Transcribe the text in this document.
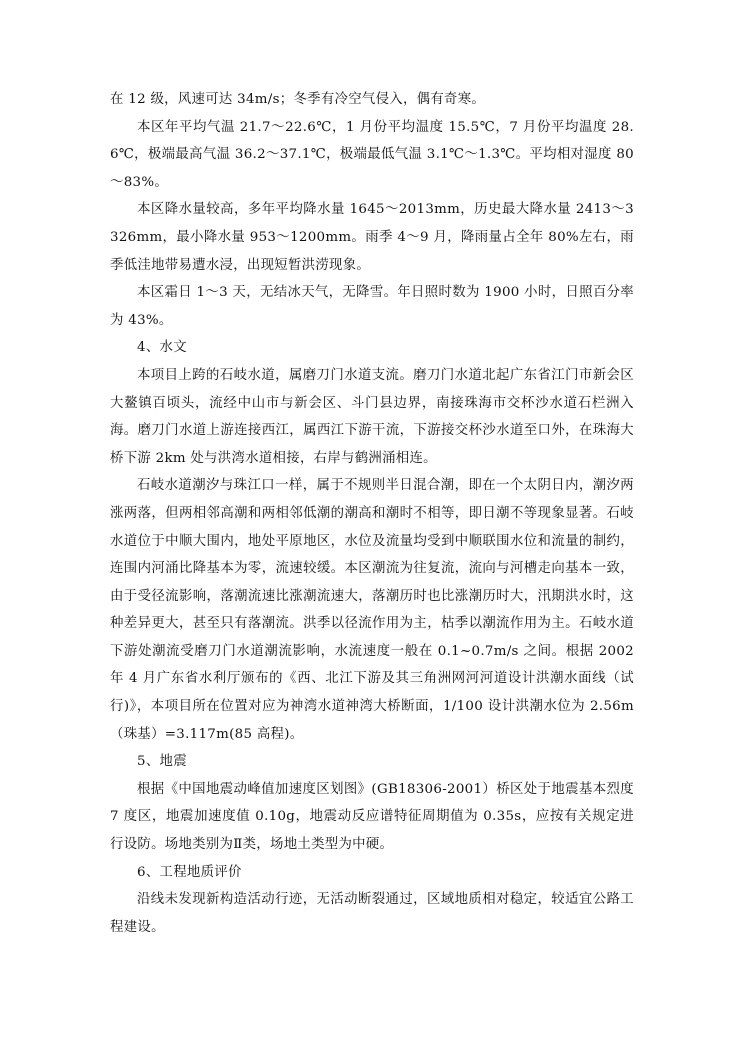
在 12 级，风速可达 34m/s；冬季有冷空气侵入，偶有奇寒。

本区年平均气温 21.7～22.6℃，1 月份平均温度 15.5℃，7 月份平均温度 28.6℃，极端最高气温 36.2～37.1℃，极端最低气温 3.1℃～1.3℃。平均相对湿度 80～83%。

本区降水量较高，多年平均降水量 1645～2013mm，历史最大降水量 2413～3326mm，最小降水量 953～1200mm。雨季 4～9 月，降雨量占全年 80%左右，雨季低洼地带易遭水浸，出现短暂洪涝现象。

本区霜日 1～3 天，无结冰天气，无降雪。年日照时数为 1900 小时，日照百分率为 43%。

4、水文

本项目上跨的石岐水道，属磨刀门水道支流。磨刀门水道北起广东省江门市新会区大鳌镇百顷头，流经中山市与新会区、斗门县边界，南接珠海市交杯沙水道石栏洲入海。磨刀门水道上游连接西江，属西江下游干流，下游接交杯沙水道至口外，在珠海大桥下游 2km 处与洪湾水道相接，右岸与鹤洲涌相连。

石岐水道潮汐与珠江口一样，属于不规则半日混合潮，即在一个太阴日内，潮汐两涨两落，但两相邻高潮和两相邻低潮的潮高和潮时不相等，即日潮不等现象显著。石岐水道位于中顺大围内，地处平原地区，水位及流量均受到中顺联围水位和流量的制约，连围内河涌比降基本为零，流速较缓。本区潮流为往复流，流向与河槽走向基本一致，由于受径流影响，落潮流速比涨潮流速大，落潮历时也比涨潮历时大，汛期洪水时，这种差异更大，甚至只有落潮流。洪季以径流作用为主，枯季以潮流作用为主。石岐水道下游处潮流受磨刀门水道潮流影响，水流速度一般在 0.1~0.7m/s 之间。根据 2002 年 4 月广东省水利厅颁布的《西、北江下游及其三角洲网河河道设计洪潮水面线（试行)》，本项目所在位置对应为神湾水道神湾大桥断面，1/100 设计洪潮水位为 2.56m（珠基）=3.117m(85 高程)。

5、地震

根据《中国地震动峰值加速度区划图》(GB18306-2001）桥区处于地震基本烈度 7 度区，地震加速度值 0.10g，地震动反应谱特征周期值为 0.35s，应按有关规定进行设防。场地类别为Ⅱ类，场地土类型为中硬。

6、工程地质评价

沿线未发现新构造活动行迹，无活动断裂通过，区域地质相对稳定，较适宜公路工程建设。
